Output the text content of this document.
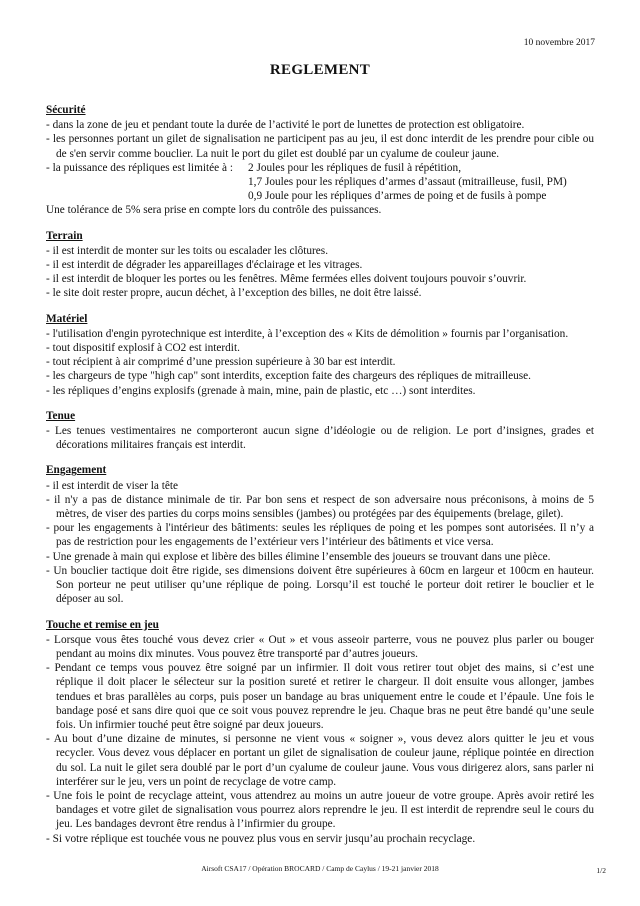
10 novembre 2017
REGLEMENT
Sécurité

- dans la zone de jeu et pendant toute la durée de l’activité le port de lunettes de protection est obligatoire.

- les personnes portant un gilet de signalisation ne participent pas au jeu, il est donc interdit de les prendre pour cible ou de s'en servir comme bouclier. La nuit le port du gilet est doublé par un cyalume de couleur jaune.

- la puissance des répliques est limitée à :	2 Joules pour les répliques de fusil à répétition,
1,7 Joules pour les répliques d’armes d’assaut (mitrailleuse, fusil, PM)
0,9 Joule pour les répliques d’armes de poing et de fusils à pompe

Une tolérance de 5% sera prise en compte lors du contrôle des puissances.

Terrain

- il est interdit de monter sur les toits ou escalader les clôtures.

- il est interdit de dégrader les appareillages d'éclairage et les vitrages.

- il est interdit de bloquer les portes ou les fenêtres. Même fermées elles doivent toujours pouvoir s’ouvrir.

- le site doit rester propre, aucun déchet, à l’exception des billes, ne doit être laissé.

Matériel

- l'utilisation d'engin pyrotechnique est interdite, à l’exception des « Kits de démolition » fournis par l’organisation.

- tout dispositif explosif à CO2 est interdit.

- tout récipient à air comprimé d’une pression supérieure à 30 bar est interdit.

- les chargeurs de type "high cap" sont interdits, exception faite des chargeurs des répliques de mitrailleuse.

- les répliques d’engins explosifs (grenade à main, mine, pain de plastic, etc …) sont interdites.

Tenue

- Les tenues vestimentaires ne comporteront aucun signe d’idéologie ou de religion. Le port d’insignes, grades et décorations militaires français est interdit.

Engagement

- il est interdit de viser la tête

- il n'y a pas de distance minimale de tir. Par bon sens et respect de son adversaire nous préconisons, à moins de 5 mètres, de viser des parties du corps moins sensibles (jambes) ou protégées par des équipements (brelage, gilet).

- pour les engagements à l'intérieur des bâtiments: seules les répliques de poing et les pompes sont autorisées. Il n’y a pas de restriction pour les engagements de l’extérieur vers l’intérieur des bâtiments et vice versa.

- Une grenade à main qui explose et libère des billes élimine l’ensemble des joueurs se trouvant dans une pièce.

- Un bouclier tactique doit être rigide, ses dimensions doivent être supérieures à 60cm en largeur et 100cm en hauteur. Son porteur ne peut utiliser qu’une réplique de poing. Lorsqu’il est touché le porteur doit retirer le bouclier et le déposer au sol.

Touche et remise en jeu

- Lorsque vous êtes touché vous devez crier « Out » et vous asseoir parterre, vous ne pouvez plus parler ou bouger pendant au moins dix minutes. Vous pouvez être transporté par d’autres joueurs.

- Pendant ce temps vous pouvez être soigné par un infirmier. Il doit vous retirer tout objet des mains, si c’est une réplique il doit placer le sélecteur sur la position sureté et retirer le chargeur. Il doit ensuite vous allonger, jambes tendues et bras parallèles au corps, puis poser un bandage au bras uniquement entre le coude et l’épaule. Une fois le bandage posé et sans dire quoi que ce soit vous pouvez reprendre le jeu. Chaque bras ne peut être bandé qu’une seule fois. Un infirmier touché peut être soigné par deux joueurs.

- Au bout d’une dizaine de minutes, si personne ne vient vous « soigner », vous devez alors quitter le jeu et vous recycler. Vous devez vous déplacer en portant un gilet de signalisation de couleur jaune, réplique pointée en direction du sol. La nuit le gilet sera doublé par le port d’un cyalume de couleur jaune. Vous vous dirigerez alors, sans parler ni interférer sur le jeu, vers un point de recyclage de votre camp.

- Une fois le point de recyclage atteint, vous attendrez au moins un autre joueur de votre groupe. Après avoir retiré les bandages et votre gilet de signalisation vous pourrez alors reprendre le jeu. Il est interdit de reprendre seul le cours du jeu. Les bandages devront être rendus à l’infirmier du groupe.

- Si votre réplique est touchée vous ne pouvez plus vous en servir jusqu’au prochain recyclage.

Airsoft CSA17 / Opération BROCARD / Camp de Caylus / 19-21 janvier 2018	1/2
